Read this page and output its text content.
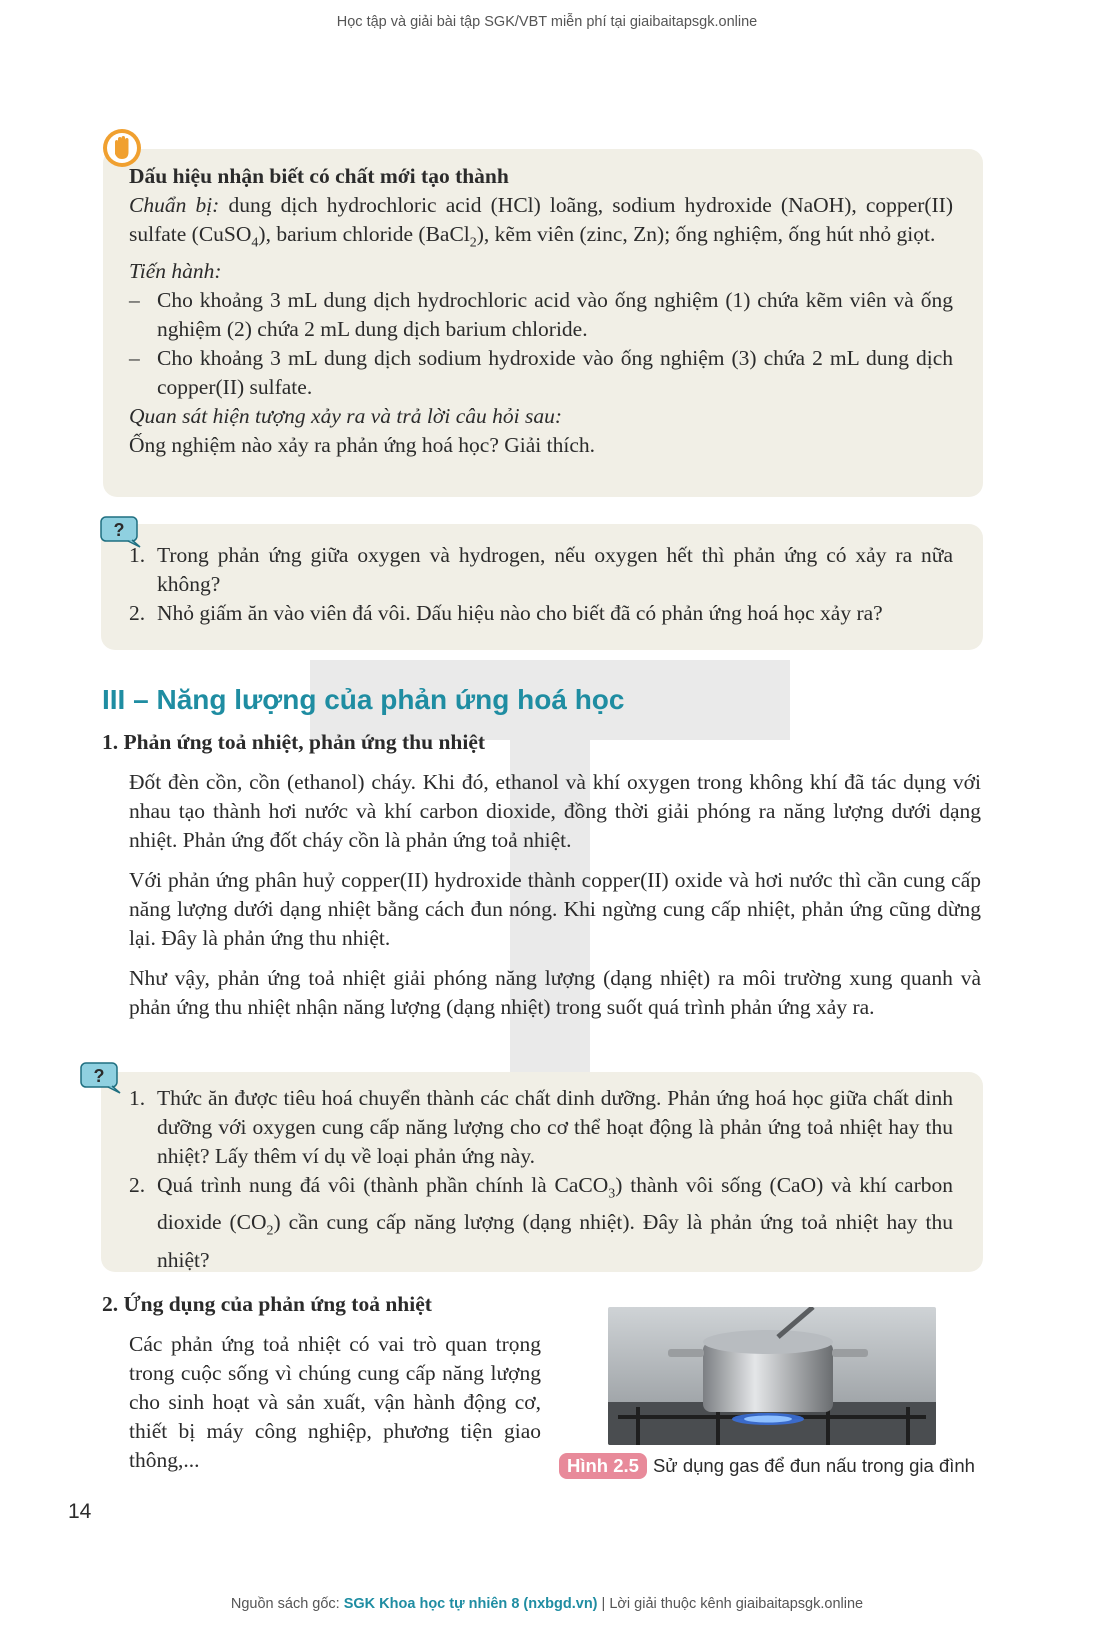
Học tập và giải bài tập SGK/VBT miễn phí tại giaibaitapsgk.online

Dấu hiệu nhận biết có chất mới tạo thành

Chuẩn bị: dung dịch hydrochloric acid (HCl) loãng, sodium hydroxide (NaOH), copper(II) sulfate (CuSO$_4$), barium chloride (BaCl$_2$), kẽm viên (zinc, Zn); ống nghiệm, ống hút nhỏ giọt.

Tiến hành:

– Cho khoảng 3 mL dung dịch hydrochloric acid vào ống nghiệm (1) chứa kẽm viên và ống nghiệm (2) chứa 2 mL dung dịch barium chloride.
– Cho khoảng 3 mL dung dịch sodium hydroxide vào ống nghiệm (3) chứa 2 mL dung dịch copper(II) sulfate.

Quan sát hiện tượng xảy ra và trả lời câu hỏi sau:

Ống nghiệm nào xảy ra phản ứng hoá học? Giải thích.

?
1. Trong phản ứng giữa oxygen và hydrogen, nếu oxygen hết thì phản ứng có xảy ra nữa không?
2. Nhỏ giấm ăn vào viên đá vôi. Dấu hiệu nào cho biết đã có phản ứng hoá học xảy ra?
III – Năng lượng của phản ứng hoá học
1. Phản ứng toả nhiệt, phản ứng thu nhiệt

Đốt đèn cồn, cồn (ethanol) cháy. Khi đó, ethanol và khí oxygen trong không khí đã tác dụng với nhau tạo thành hơi nước và khí carbon dioxide, đồng thời giải phóng ra năng lượng dưới dạng nhiệt. Phản ứng đốt cháy cồn là phản ứng toả nhiệt.

Với phản ứng phân huỷ copper(II) hydroxide thành copper(II) oxide và hơi nước thì cần cung cấp năng lượng dưới dạng nhiệt bằng cách đun nóng. Khi ngừng cung cấp nhiệt, phản ứng cũng dừng lại. Đây là phản ứng thu nhiệt.

Như vậy, phản ứng toả nhiệt giải phóng năng lượng (dạng nhiệt) ra môi trường xung quanh và phản ứng thu nhiệt nhận năng lượng (dạng nhiệt) trong suốt quá trình phản ứng xảy ra.

?
1. Thức ăn được tiêu hoá chuyển thành các chất dinh dưỡng. Phản ứng hoá học giữa chất dinh dưỡng với oxygen cung cấp năng lượng cho cơ thể hoạt động là phản ứng toả nhiệt hay thu nhiệt? Lấy thêm ví dụ về loại phản ứng này.
2. Quá trình nung đá vôi (thành phần chính là CaCO$_3$) thành vôi sống (CaO) và khí carbon dioxide $(CO_2)$ cần cung cấp năng lượng (dạng nhiệt). Đây là phản ứng toả nhiệt hay thu nhiệt?
2. Ứng dụng của phản ứng toả nhiệt

Các phản ứng toả nhiệt có vai trò quan trọng trong cuộc sống vì chúng cung cấp năng lượng cho sinh hoạt và sản xuất, vận hành động cơ, thiết bị máy công nghiệp, phương tiện giao thông,...	Hình 2.5 Sử dụng gas để đun nấu trong gia đình
14
Nguồn sách gốc: SGK Khoa học tự nhiên 8 (nxbgd.vn) | Lời giải thuộc kênh giaibaitapsgk.online
